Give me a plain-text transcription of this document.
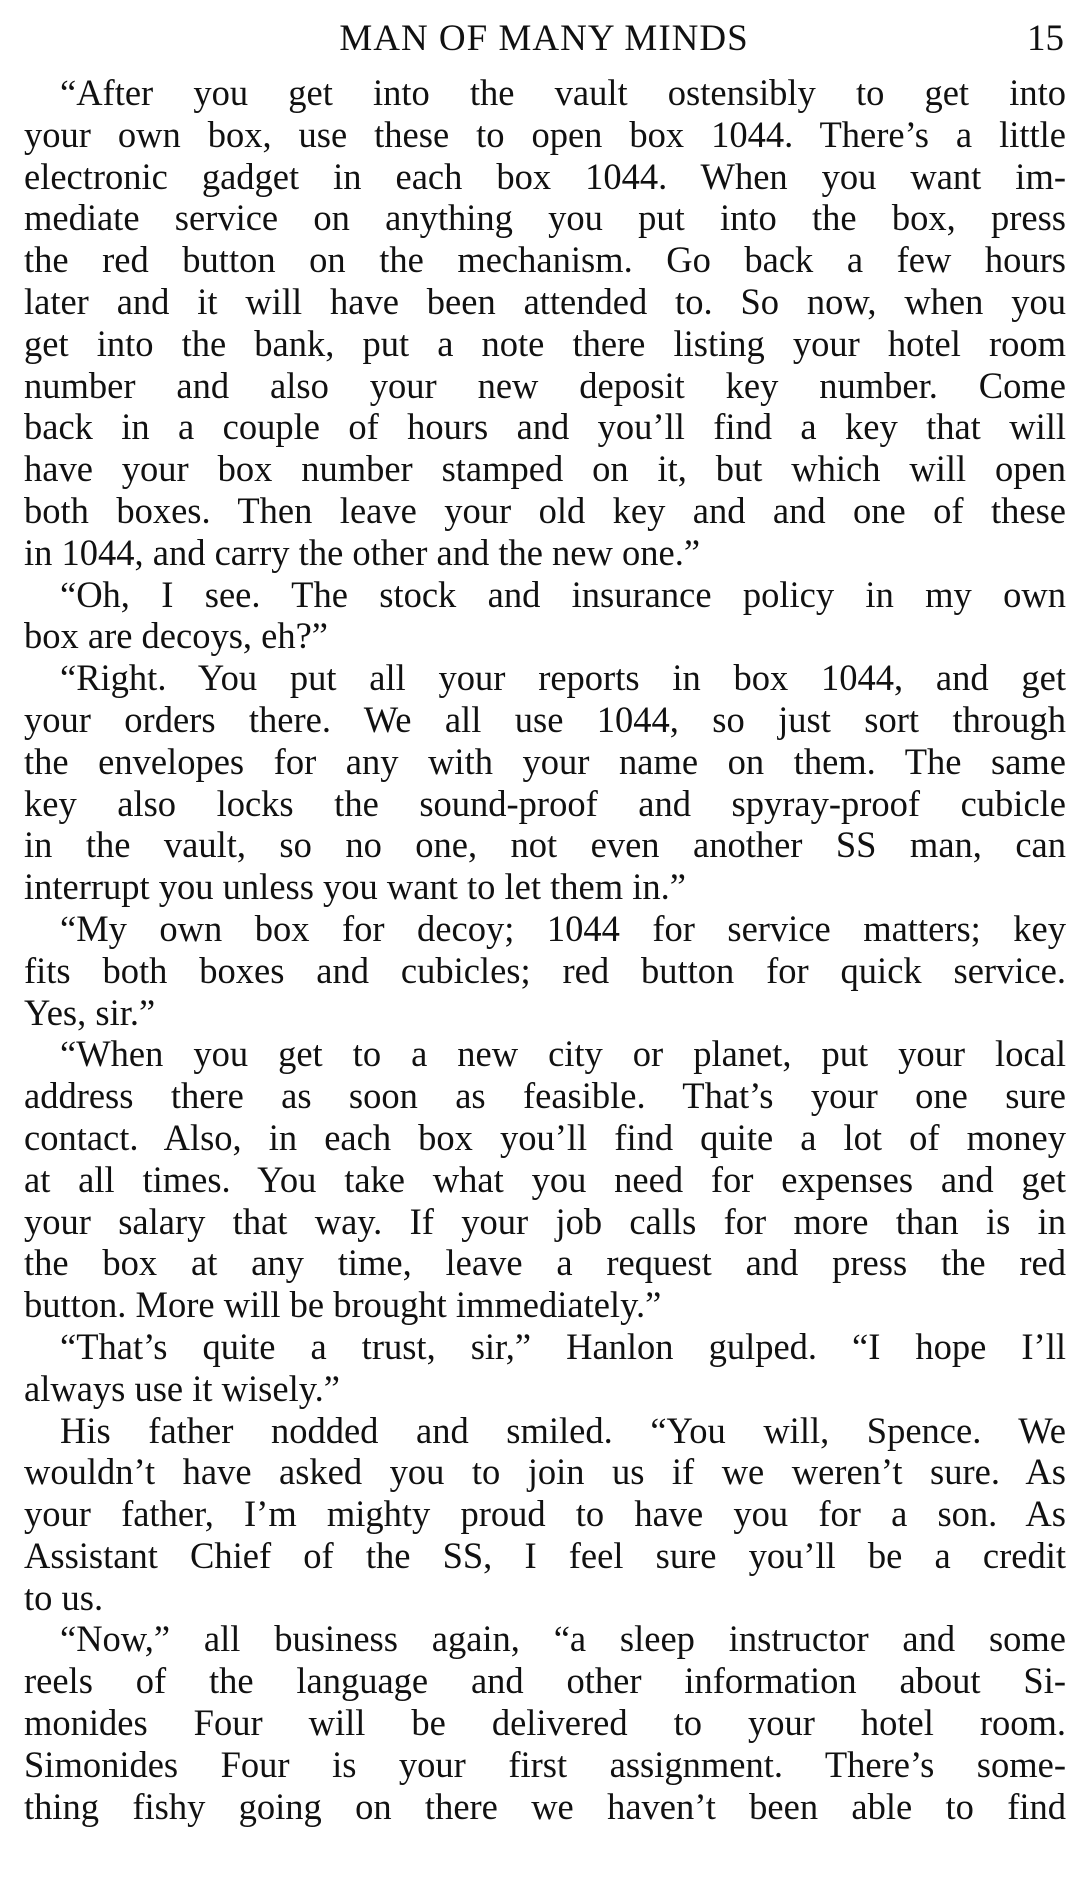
MAN OF MANY MINDS	15
“After you get into the vault ostensibly to get into
your own box, use these to open box 1044. There’s a little
electronic gadget in each box 1044. When you want im-
mediate service on anything you put into the box, press
the red button on the mechanism. Go back a few hours
later and it will have been attended to. So now, when you
get into the bank, put a note there listing your hotel room
number and also your new deposit key number. Come
back in a couple of hours and you’ll find a key that will
have your box number stamped on it, but which will open
both boxes. Then leave your old key and and one of these
in 1044, and carry the other and the new one.”
“Oh, I see. The stock and insurance policy in my own
box are decoys, eh?”
“Right. You put all your reports in box 1044, and get
your orders there. We all use 1044, so just sort through
the envelopes for any with your name on them. The same
key also locks the sound-proof and spyray-proof cubicle
in the vault, so no one, not even another SS man, can
interrupt you unless you want to let them in.”
“My own box for decoy; 1044 for service matters; key
fits both boxes and cubicles; red button for quick service.
Yes, sir.”
“When you get to a new city or planet, put your local
address there as soon as feasible. That’s your one sure
contact. Also, in each box you’ll find quite a lot of money
at all times. You take what you need for expenses and get
your salary that way. If your job calls for more than is in
the box at any time, leave a request and press the red
button. More will be brought immediately.”
“That’s quite a trust, sir,” Hanlon gulped. “I hope I’ll
always use it wisely.”
His father nodded and smiled. “You will, Spence. We
wouldn’t have asked you to join us if we weren’t sure. As
your father, I’m mighty proud to have you for a son. As
Assistant Chief of the SS, I feel sure you’ll be a credit
to us.
“Now,” all business again, “a sleep instructor and some
reels of the language and other information about Si-
monides Four will be delivered to your hotel room.
Simonides Four is your first assignment. There’s some-
thing fishy going on there we haven’t been able to find
